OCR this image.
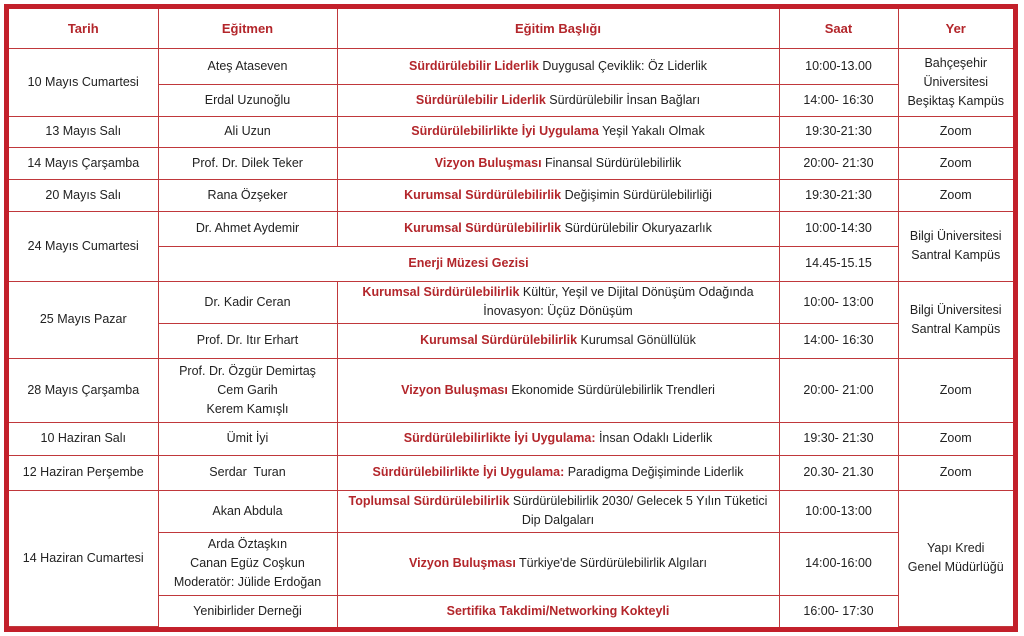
Tarih	Eğitmen	Eğitim Başlığı	Saat	Yer
10 Mayıs Cumartesi	Ateş Ataseven	Sürdürülebilir Liderlik Duygusal Çeviklik: Öz Liderlik	10:00-13.00	Bahçeşehir
Üniversitesi
Beşiktaş Kampüs

	Erdal Uzunoğlu	Sürdürülebilir Liderlik Sürdürülebilir İnsan Bağları	14:00- 16:30	
13 Mayıs Salı	Ali Uzun	Sürdürülebilirlikte İyi Uygulama Yeşil Yakalı Olmak	19:30-21:30	Zoom
14 Mayıs Çarşamba	Prof. Dr. Dilek Teker	Vizyon Buluşması Finansal Sürdürülebilirlik	20:00- 21:30	Zoom
20 Mayıs Salı	Rana Özşeker	Kurumsal Sürdürülebilirlik Değişimin Sürdürülebilirliği	19:30-21:30	Zoom
24 Mayıs Cumartesi	Dr. Ahmet Aydemir	Kurumsal Sürdürülebilirlik Sürdürülebilir Okuryazarlık	10:00-14:30	Bilgi Üniversitesi
Santral Kampüs

	Enerji Müzesi Gezisi		14.45-15.15	
25 Mayıs Pazar	Dr. Kadir Ceran	Kurumsal Sürdürülebilirlik Kültür, Yeşil ve Dijital Dönüşüm Odağında İnovasyon: Üçüz Dönüşüm	10:00- 13:00	Bilgi Üniversitesi
Santral Kampüs

	Prof. Dr. Itır Erhart	Kurumsal Sürdürülebilirlik Kurumsal Gönüllülük	14:00- 16:30	
28 Mayıs Çarşamba	Prof. Dr. Özgür Demirtaş
Cem Garih
Kerem Kamışlı	Vizyon Buluşması Ekonomide Sürdürülebilirlik Trendleri	20:00- 21:00	Zoom
10 Haziran Salı	Ümit İyi	Sürdürülebilirlikte İyi Uygulama: İnsan Odaklı Liderlik	19:30- 21:30	Zoom
12 Haziran Perşembe	Serdar  Turan	Sürdürülebilirlikte İyi Uygulama: Paradigma Değişiminde Liderlik	20.30- 21.30	Zoom
14 Haziran Cumartesi	Akan Abdula	Toplumsal Sürdürülebilirlik Sürdürülebilirlik 2030/ Gelecek 5 Yılın Tüketici Dip Dalgaları	10:00-13:00	Yapı Kredi
Genel Müdürlüğü

	Arda Öztaşkın
Canan Egüz Coşkun
Moderatör: Jülide Erdoğan	Vizyon Buluşması Türkiye'de Sürdürülebilirlik Algıları	14:00-16:00	
	Yenibirlider Derneği	Sertifika Takdimi/Networking Kokteyli	16:00- 17:30	
